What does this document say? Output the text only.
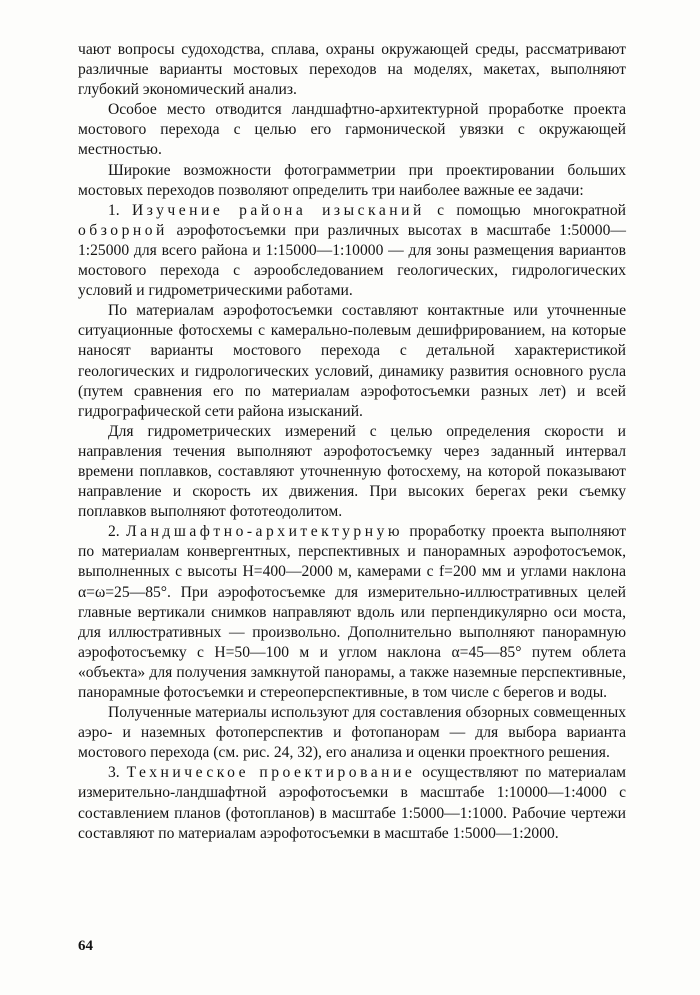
чают вопросы судоходства, сплава, охраны окружающей среды, рассматривают различные варианты мостовых переходов на моделях, макетах, выполняют глубокий экономический анализ.

Особое место отводится ландшафтно-архитектурной проработке проекта мостового перехода с целью его гармонической увязки с окружающей местностью.

Широкие возможности фотограмметрии при проектировании больших мостовых переходов позволяют определить три наиболее важные ее задачи:

1. Изучение района изысканий с помощью многократной обзорной аэрофотосъемки при различных высотах в масштабе 1:50000—1:25000 для всего района и 1:15000—1:10000 — для зоны размещения вариантов мостового перехода с аэрообследованием геологических, гидрологических условий и гидрометрическими работами.

По материалам аэрофотосъемки составляют контактные или уточненные ситуационные фотосхемы с камерально-полевым дешифрированием, на которые наносят варианты мостового перехода с детальной характеристикой геологических и гидрологических условий, динамику развития основного русла (путем сравнения его по материалам аэрофотосъемки разных лет) и всей гидрографической сети района изысканий.

Для гидрометрических измерений с целью определения скорости и направления течения выполняют аэрофотосъемку через заданный интервал времени поплавков, составляют уточненную фотосхему, на которой показывают направление и скорость их движения. При высоких берегах реки съемку поплавков выполняют фототеодолитом.

2. Ландшафтно-архитектурную проработку проекта выполняют по материалам конвергентных, перспективных и панорамных аэрофотосъемок, выполненных с высоты H=400—2000 м, камерами с f=200 мм и углами наклона α=ω=25—85°. При аэрофотосъемке для измерительно-иллюстративных целей главные вертикали снимков направляют вдоль или перпендикулярно оси моста, для иллюстративных — произвольно. Дополнительно выполняют панорамную аэрофотосъемку с H=50—100 м и углом наклона α=45—85° путем облета «объекта» для получения замкнутой панорамы, а также наземные перспективные, панорамные фотосъемки и стереоперспективные, в том числе с берегов и воды.

Полученные материалы используют для составления обзорных совмещенных аэро- и наземных фотоперспектив и фотопанорам — для выбора варианта мостового перехода (см. рис. 24, 32), его анализа и оценки проектного решения.

3. Техническое проектирование осуществляют по материалам измерительно-ландшафтной аэрофотосъемки в масштабе 1:10000—1:4000 с составлением планов (фотопланов) в масштабе 1:5000—1:1000. Рабочие чертежи составляют по материалам аэрофотосъемки в масштабе 1:5000—1:2000.

64
